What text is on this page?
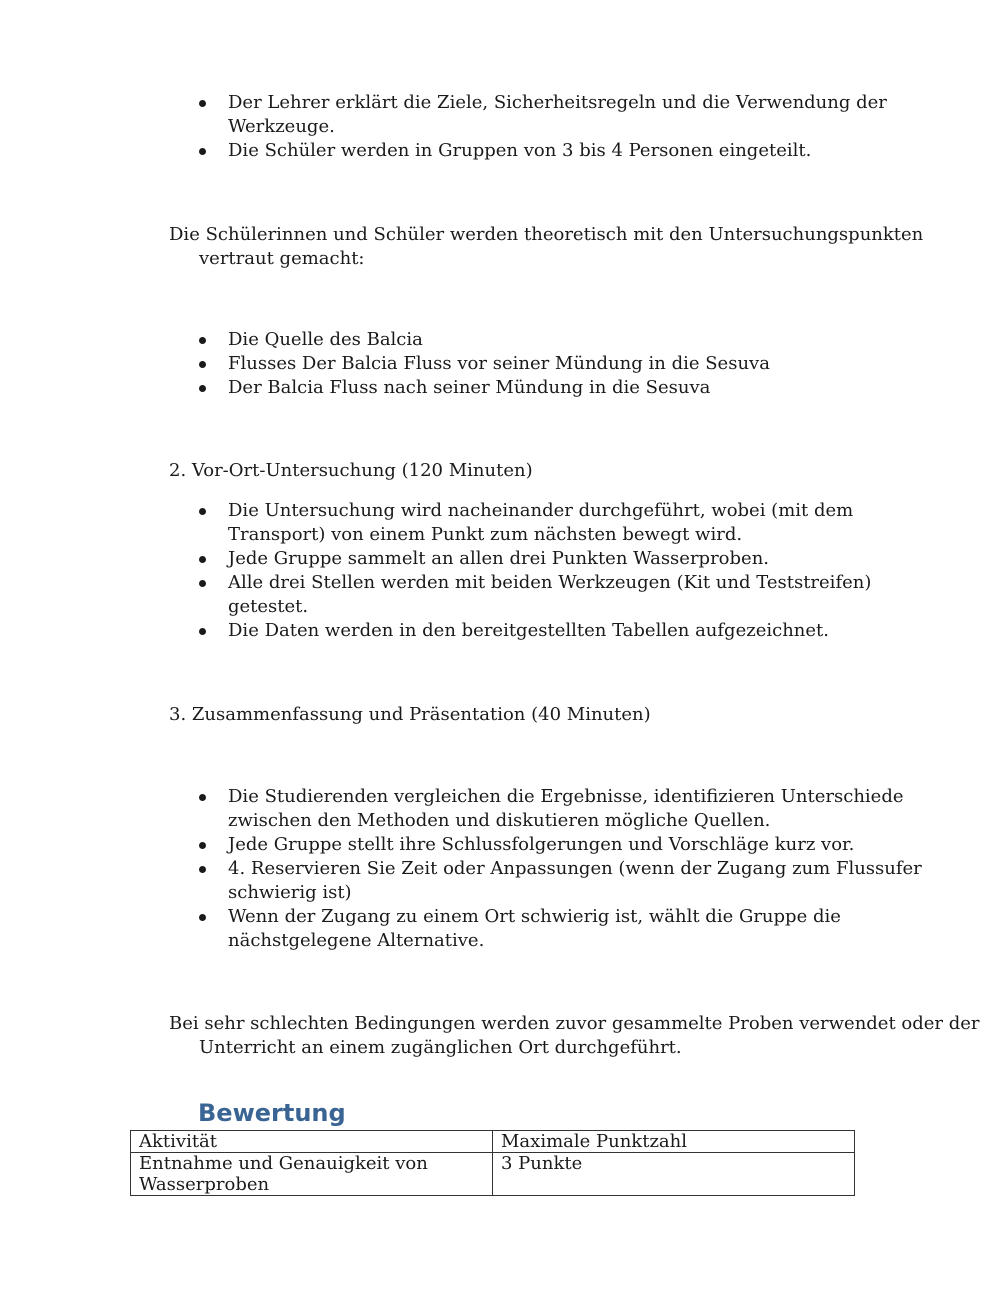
Der Lehrer erklärt die Ziele, Sicherheitsregeln und die Verwendung der Werkzeuge.
Die Schüler werden in Gruppen von 3 bis 4 Personen eingeteilt.

Die Schülerinnen und Schüler werden theoretisch mit den Untersuchungspunkten vertraut gemacht:

Die Quelle des Balcia
Flusses Der Balcia Fluss vor seiner Mündung in die Sesuva
Der Balcia Fluss nach seiner Mündung in die Sesuva

2. Vor-Ort-Untersuchung (120 Minuten)

Die Untersuchung wird nacheinander durchgeführt, wobei (mit dem Transport) von einem Punkt zum nächsten bewegt wird.
Jede Gruppe sammelt an allen drei Punkten Wasserproben.
Alle drei Stellen werden mit beiden Werkzeugen (Kit und Teststreifen) getestet.
Die Daten werden in den bereitgestellten Tabellen aufgezeichnet.

3. Zusammenfassung und Präsentation (40 Minuten)

Die Studierenden vergleichen die Ergebnisse, identifizieren Unterschiede zwischen den Methoden und diskutieren mögliche Quellen.
Jede Gruppe stellt ihre Schlussfolgerungen und Vorschläge kurz vor.
4. Reservieren Sie Zeit oder Anpassungen (wenn der Zugang zum Flussufer schwierig ist)
Wenn der Zugang zu einem Ort schwierig ist, wählt die Gruppe die nächstgelegene Alternative.

Bei sehr schlechten Bedingungen werden zuvor gesammelte Proben verwendet oder der Unterricht an einem zugänglichen Ort durchgeführt.

Bewertung
Aktivität	Maximale Punktzahl
Entnahme und Genauigkeit von Wasserproben	3 Punkte
